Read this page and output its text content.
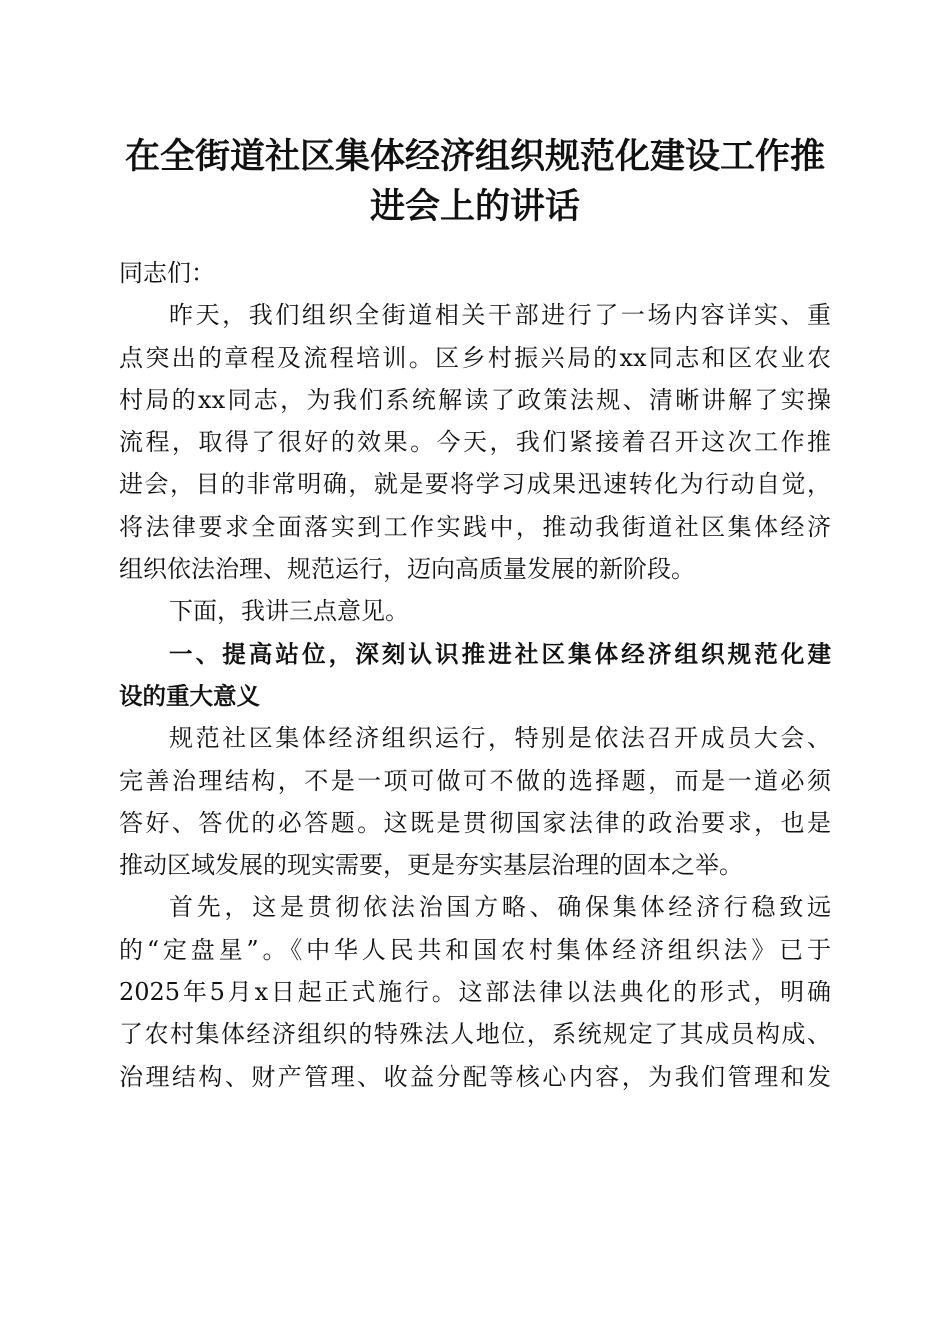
在全街道社区集体经济组织规范化建设工作推
进会上的讲话
同志们：
昨天，我们组织全街道相关干部进行了一场内容详实、重
点突出的章程及流程培训。区乡村振兴局的xx同志和区农业农
村局的xx同志，为我们系统解读了政策法规、清晰讲解了实操
流程，取得了很好的效果。今天，我们紧接着召开这次工作推
进会，目的非常明确，就是要将学习成果迅速转化为行动自觉，
将法律要求全面落实到工作实践中，推动我街道社区集体经济
组织依法治理、规范运行，迈向高质量发展的新阶段。
下面，我讲三点意见。
一、提高站位，深刻认识推进社区集体经济组织规范化建
设的重大意义
规范社区集体经济组织运行，特别是依法召开成员大会、
完善治理结构，不是一项可做可不做的选择题，而是一道必须
答好、答优的必答题。这既是贯彻国家法律的政治要求，也是
推动区域发展的现实需要，更是夯实基层治理的固本之举。
首先，这是贯彻依法治国方略、确保集体经济行稳致远
的“定盘星”。《中华人民共和国农村集体经济组织法》已于
2025年5月x日起正式施行。这部法律以法典化的形式，明确
了农村集体经济组织的特殊法人地位，系统规定了其成员构成、
治理结构、财产管理、收益分配等核心内容，为我们管理和发
